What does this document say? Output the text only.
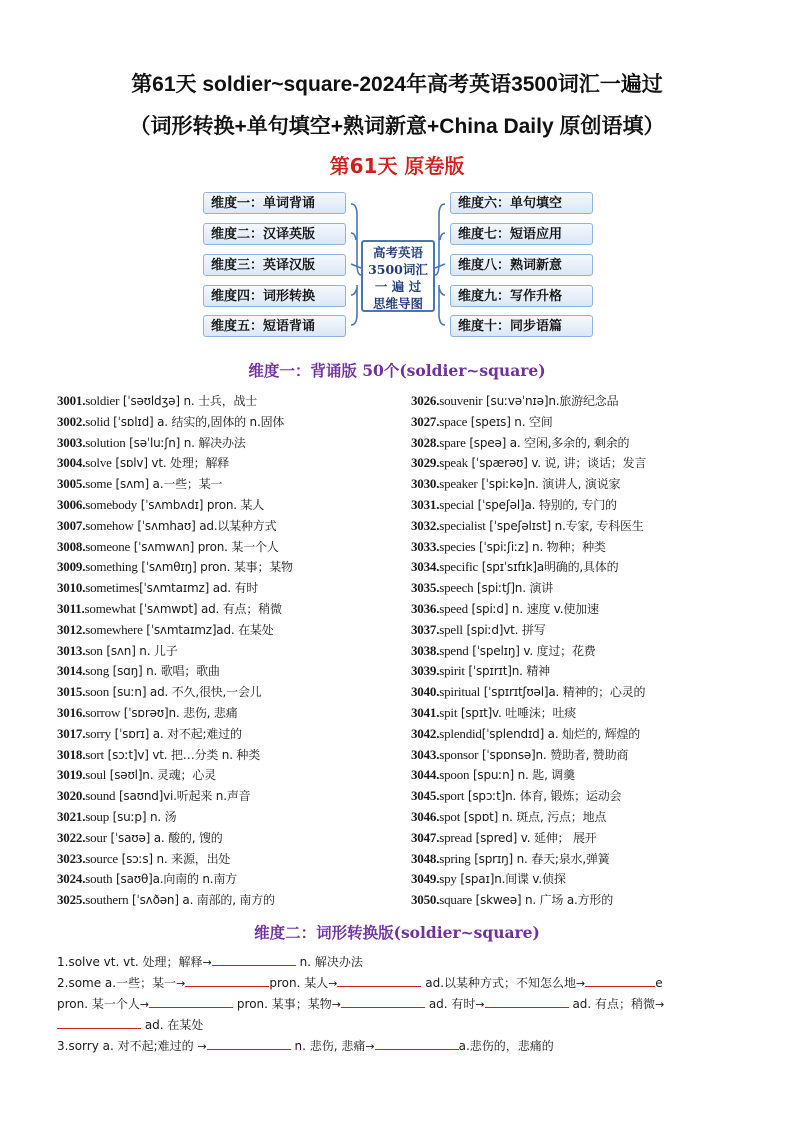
第61天 soldier~square-2024年高考英语3500词汇一遍过
（词形转换+单句填空+熟词新意+China Daily 原创语填）
第61天 原卷版
维度一：单词背诵
维度二：汉译英版
维度三：英译汉版
维度四：词形转换
维度五：短语背诵
维度六：单句填空
维度七：短语应用
维度八：熟词新意
维度九：写作升格
维度十：同步语篇
高考英语
3500词汇
一 遍 过
思维导图
维度一：背诵版 50个(soldier~square)
3001.soldier [ˈsəʊldʒə] n. 士兵，战士
3002.solid [ˈsɒlɪd] a. 结实的,固体的 n.固体
3003.solution [səˈluːʃn] n. 解决办法
3004.solve [sɒlv] vt. 处理；解释
3005.some [sʌm] a.一些；某一
3006.somebody [ˈsʌmbʌdɪ] pron. 某人
3007.somehow [ˈsʌmhaʊ] ad.以某种方式
3008.someone [ˈsʌmwʌn] pron. 某一个人
3009.something [ˈsʌmθɪŋ] pron. 某事；某物
3010.sometimes[ˈsʌmtaɪmz] ad. 有时
3011.somewhat [ˈsʌmwɒt] ad. 有点；稍微
3012.somewhere [ˈsʌmtaɪmz]ad. 在某处
3013.son [sʌn] n. 儿子
3014.song [sɑŋ] n. 歌唱；歌曲
3015.soon [suːn] ad. 不久,很快,一会儿
3016.sorrow [ˈsɒrəʊ]n. 悲伤, 悲痛
3017.sorry [ˈsɒrɪ] a. 对不起;难过的
3018.sort [sɔːt]v] vt. 把…分类 n. 种类
3019.soul [səʊl]n. 灵魂；心灵
3020.sound [saʊnd]vi.听起来 n.声音
3021.soup [suːp] n. 汤
3022.sour [ˈsaʊə] a. 酸的, 馊的
3023.source [sɔːs] n. 来源，出处
3024.south [saʊθ]a.向南的 n.南方
3025.southern [ˈsʌðən] a. 南部的, 南方的
3026.souvenir [suːvəˈnɪə]n.旅游纪念品
3027.space [speɪs] n. 空间
3028.spare [speə] a. 空闲,多余的, 剩余的
3029.speak [ˈspærəʊ] v. 说, 讲；谈话；发言
3030.speaker [ˈspiːkə]n. 演讲人, 演说家
3031.special [ˈspeʃəl]a. 特别的, 专门的
3032.specialist [ˈspeʃəlɪst] n.专家, 专科医生
3033.species [ˈspiːʃiːz] n. 物种；种类
3034.specific [spɪˈsɪfɪk]a明确的,具体的
3035.speech [spiːtʃ]n. 演讲
3036.speed [spiːd] n. 速度 v.使加速
3037.spell [spiːd]vt. 拼写
3038.spend [ˈspelɪŋ] v. 度过；花费
3039.spirit [ˈspɪrɪt]n. 精神
3040.spiritual [ˈspɪrɪtʃʊəl]a. 精神的；心灵的
3041.spit [spɪt]v. 吐唾沫；吐痰
3042.splendid[ˈsplendɪd] a. 灿烂的, 辉煌的
3043.sponsor [ˈspɒnsə]n. 赞助者, 赞助商
3044.spoon [spuːn] n. 匙, 调羹
3045.sport [spɔːt]n. 体育, 锻炼；运动会
3046.spot [spɒt] n. 斑点, 污点；地点
3047.spread [spred] v. 延伸； 展开
3048.spring [sprɪŋ] n. 春天;泉水,弹簧
3049.spy [spaɪ]n.间谍 v.侦探
3050.square [skweə] n. 广场 a.方形的
维度二：词形转换版(soldier~square)
1.solve vt. vt. 处理；解释→	n. 解决办法
2.some a.一些；某一→	pron. 某人→	ad.以某种方式；不知怎么地→	e
pron. 某一个人→	pron. 某事；某物→	ad. 有时→	ad. 有点；稍微→
ad. 在某处
3.sorry a. 对不起;难过的 →	n. 悲伤, 悲痛→	a.悲伤的，悲痛的
